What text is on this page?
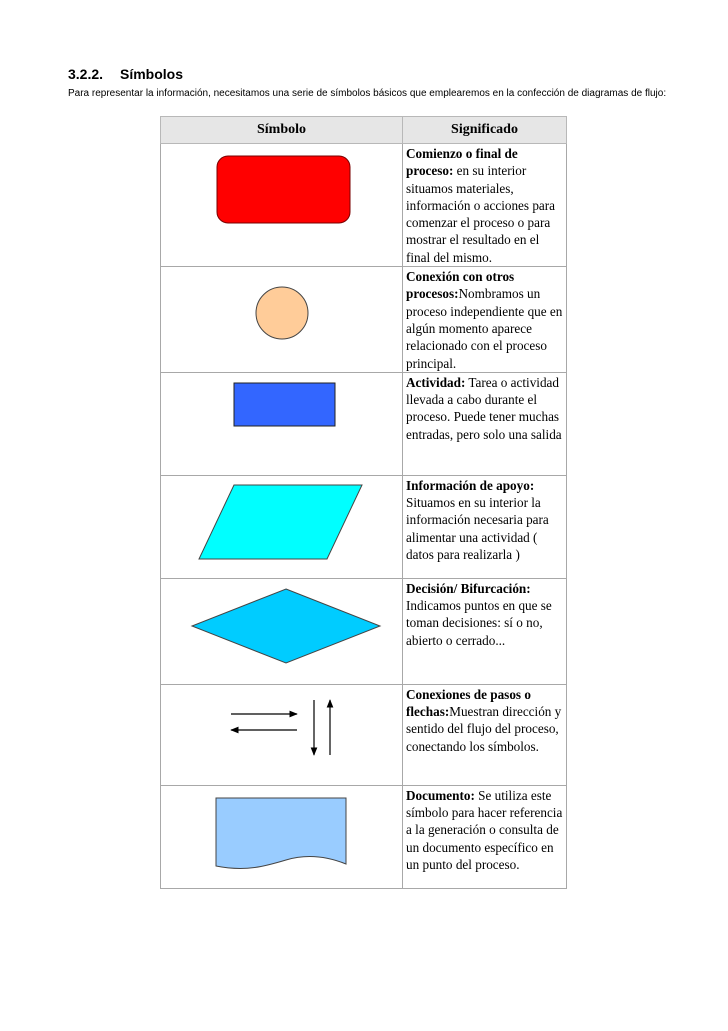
3.2.2. Símbolos

Para representar la información, necesitamos una serie de símbolos básicos que emplearemos en la confección de diagramas de flujo:

Símbolo	Significado

	Comienzo o final de proceso: en su interior situamos materiales, información o acciones para comenzar el proceso o para mostrar el resultado en el final del mismo.

	Conexión con otros procesos:Nombramos un proceso independiente que en algún momento aparece relacionado con el proceso principal.

	Actividad: Tarea o actividad llevada a cabo durante el proceso. Puede tener muchas entradas, pero solo una salida

	Información de apoyo: Situamos en su interior la información necesaria para alimentar una actividad ( datos para realizarla )

	Decisión/ Bifurcación: Indicamos puntos en que se toman decisiones: sí o no, abierto o cerrado...

	Conexiones de pasos o flechas:Muestran dirección y sentido del flujo del proceso, conectando los símbolos.

	Documento: Se utiliza este símbolo para hacer referencia a la generación o consulta de un documento específico en un punto del proceso.
